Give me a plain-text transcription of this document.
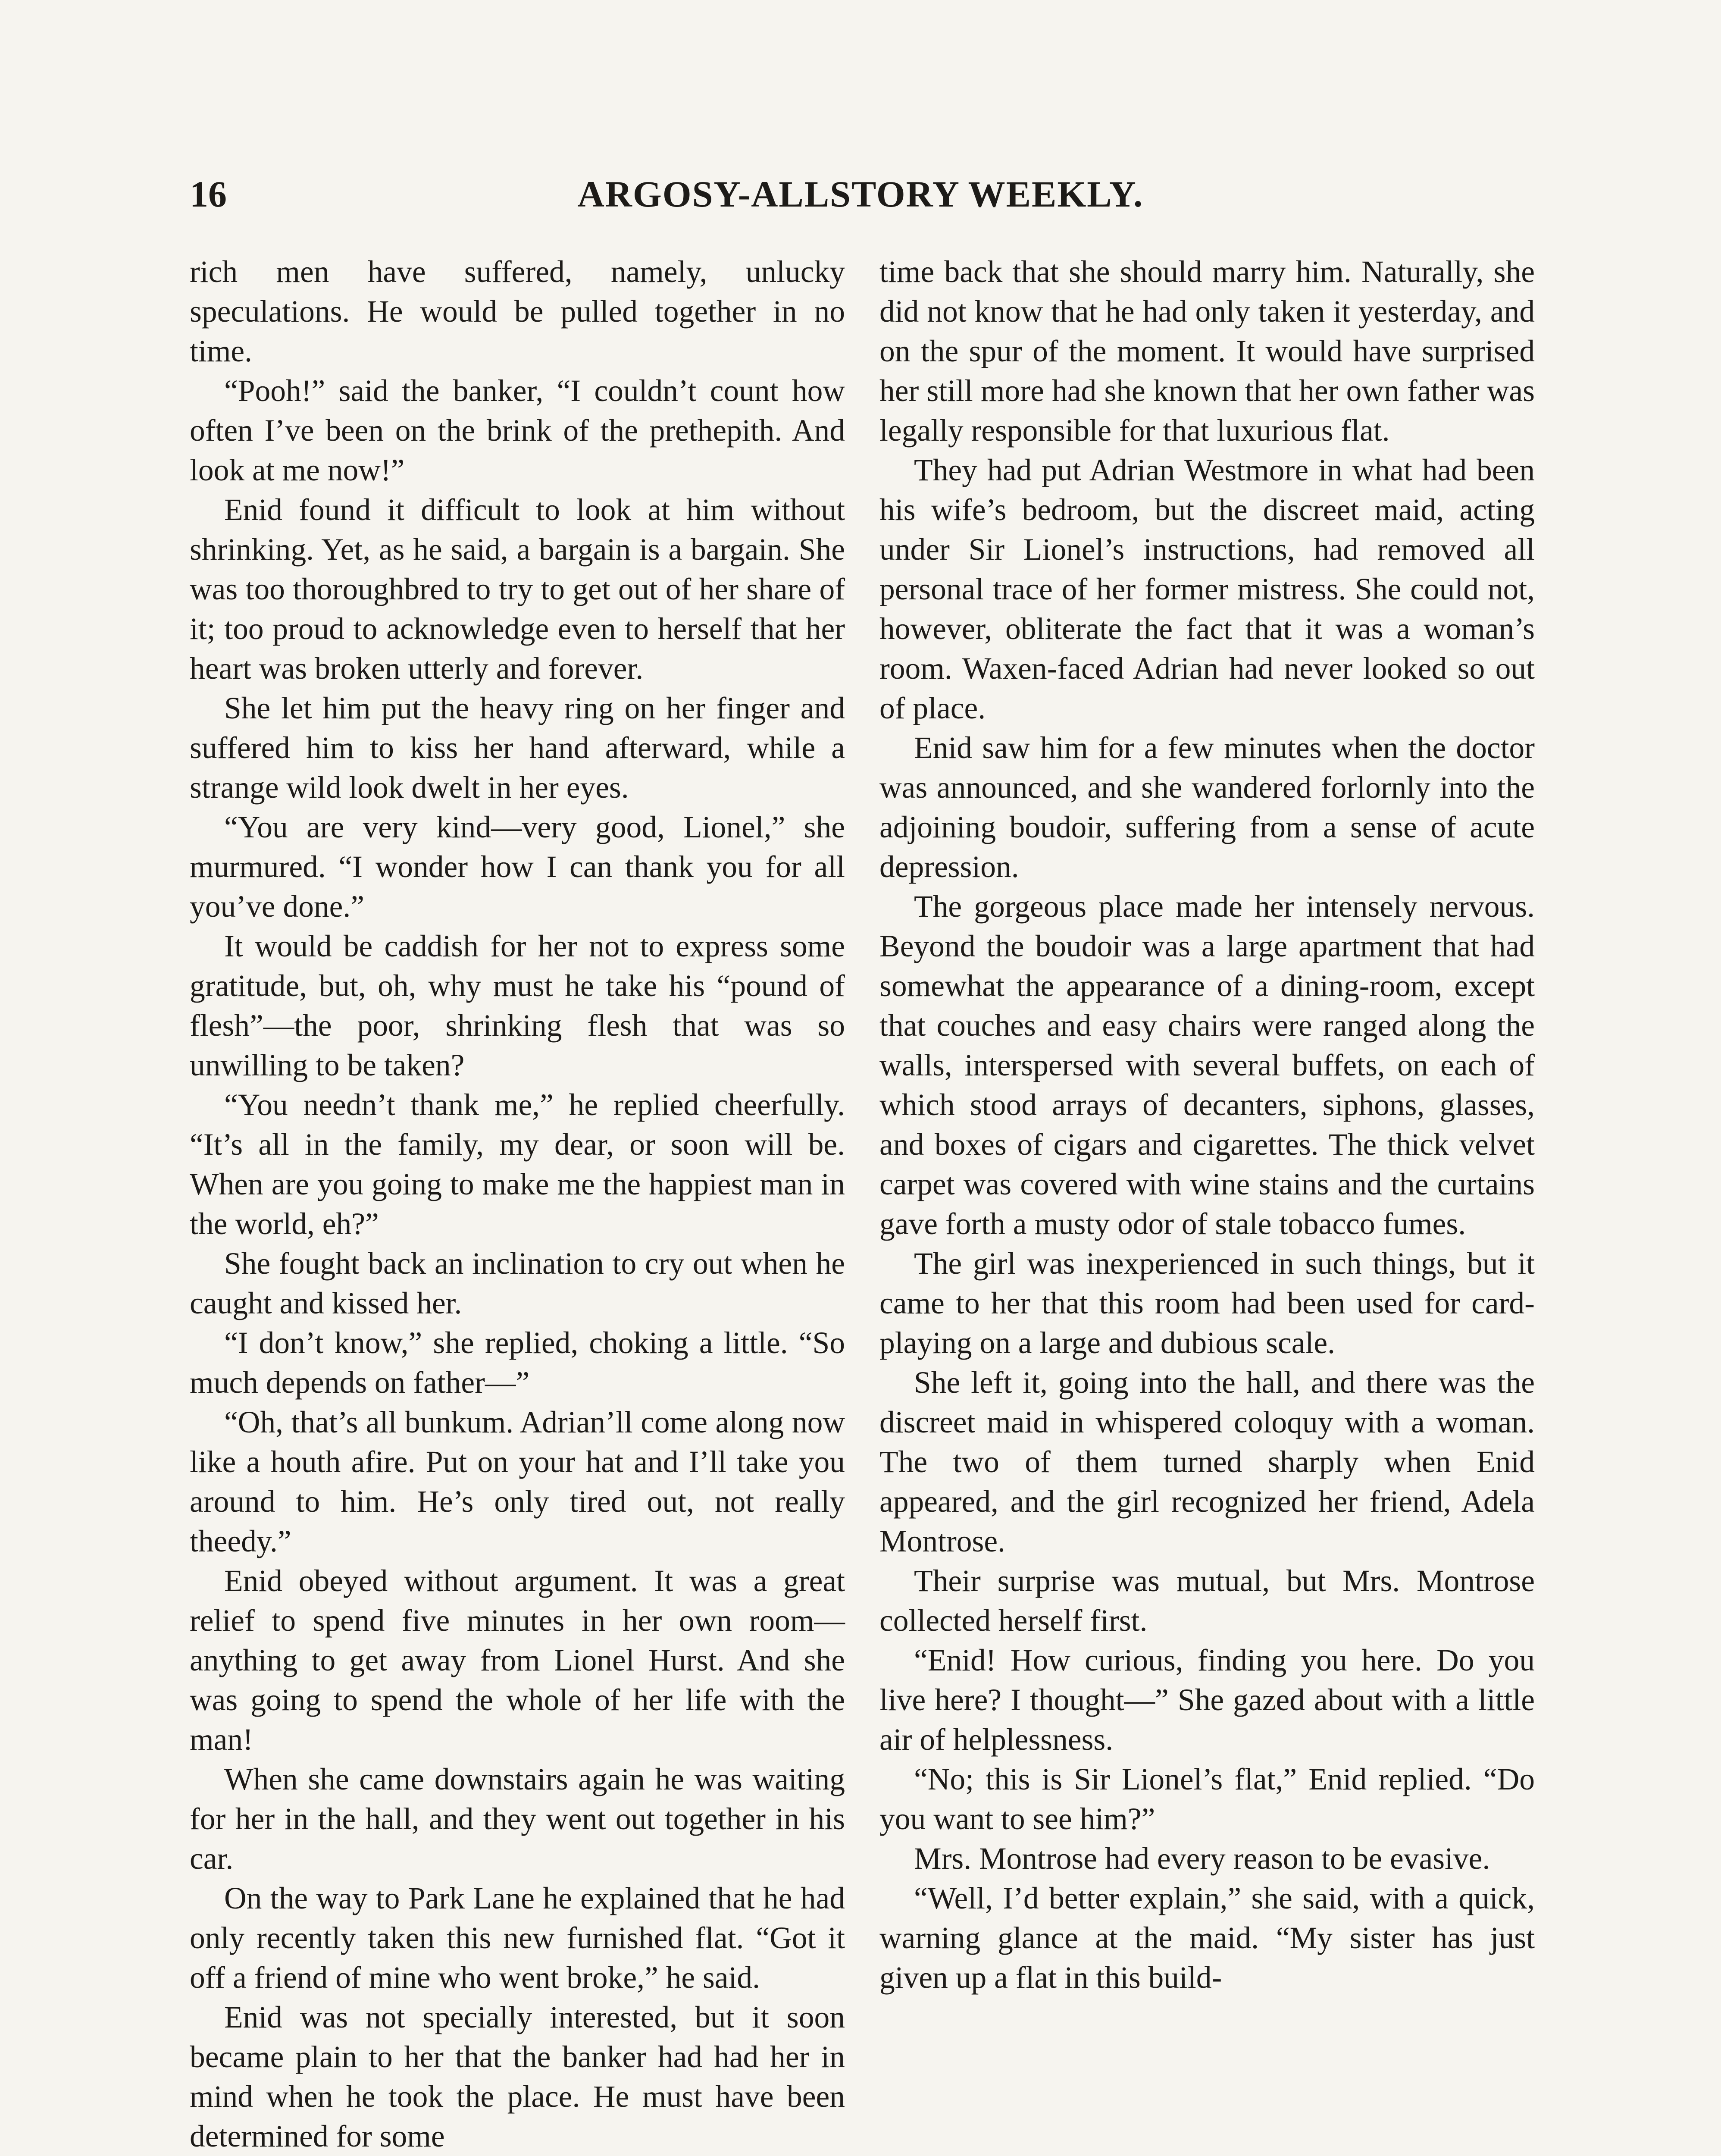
16	ARGOSY-ALLSTORY WEEKLY.

rich men have suffered, namely, unlucky speculations. He would be pulled together in no time.

“Pooh!” said the banker, “I couldn’t count how often I’ve been on the brink of the prethepith. And look at me now!”

Enid found it difficult to look at him without shrinking. Yet, as he said, a bargain is a bargain. She was too thoroughbred to try to get out of her share of it; too proud to acknowledge even to herself that her heart was broken utterly and forever.

She let him put the heavy ring on her finger and suffered him to kiss her hand afterward, while a strange wild look dwelt in her eyes.

“You are very kind—very good, Lionel,” she murmured. “I wonder how I can thank you for all you’ve done.”

It would be caddish for her not to express some gratitude, but, oh, why must he take his “pound of flesh”—the poor, shrinking flesh that was so unwilling to be taken?

“You needn’t thank me,” he replied cheerfully. “It’s all in the family, my dear, or soon will be. When are you going to make me the happiest man in the world, eh?”

She fought back an inclination to cry out when he caught and kissed her.

“I don’t know,” she replied, choking a little. “So much depends on father—”

“Oh, that’s all bunkum. Adrian’ll come along now like a houth afire. Put on your hat and I’ll take you around to him. He’s only tired out, not really theedy.”

Enid obeyed without argument. It was a great relief to spend five minutes in her own room—anything to get away from Lionel Hurst. And she was going to spend the whole of her life with the man!

When she came downstairs again he was waiting for her in the hall, and they went out together in his car.

On the way to Park Lane he explained that he had only recently taken this new furnished flat. “Got it off a friend of mine who went broke,” he said.

Enid was not specially interested, but it soon became plain to her that the banker had had her in mind when he took the place. He must have been determined for some

time back that she should marry him. Naturally, she did not know that he had only taken it yesterday, and on the spur of the moment. It would have surprised her still more had she known that her own father was legally responsible for that luxurious flat.

They had put Adrian Westmore in what had been his wife’s bedroom, but the discreet maid, acting under Sir Lionel’s instructions, had removed all personal trace of her former mistress. She could not, however, obliterate the fact that it was a woman’s room. Waxen-faced Adrian had never looked so out of place.

Enid saw him for a few minutes when the doctor was announced, and she wandered forlornly into the adjoining boudoir, suffering from a sense of acute depression.

The gorgeous place made her intensely nervous. Beyond the boudoir was a large apartment that had somewhat the appearance of a dining-room, except that couches and easy chairs were ranged along the walls, interspersed with several buffets, on each of which stood arrays of decanters, siphons, glasses, and boxes of cigars and cigarettes. The thick velvet carpet was covered with wine stains and the curtains gave forth a musty odor of stale tobacco fumes.

The girl was inexperienced in such things, but it came to her that this room had been used for card-playing on a large and dubious scale.

She left it, going into the hall, and there was the discreet maid in whispered coloquy with a woman. The two of them turned sharply when Enid appeared, and the girl recognized her friend, Adela Montrose.

Their surprise was mutual, but Mrs. Montrose collected herself first.

“Enid! How curious, finding you here. Do you live here? I thought—” She gazed about with a little air of helplessness.

“No; this is Sir Lionel’s flat,” Enid replied. “Do you want to see him?”

Mrs. Montrose had every reason to be evasive.

“Well, I’d better explain,” she said, with a quick, warning glance at the maid. “My sister has just given up a flat in this build-
